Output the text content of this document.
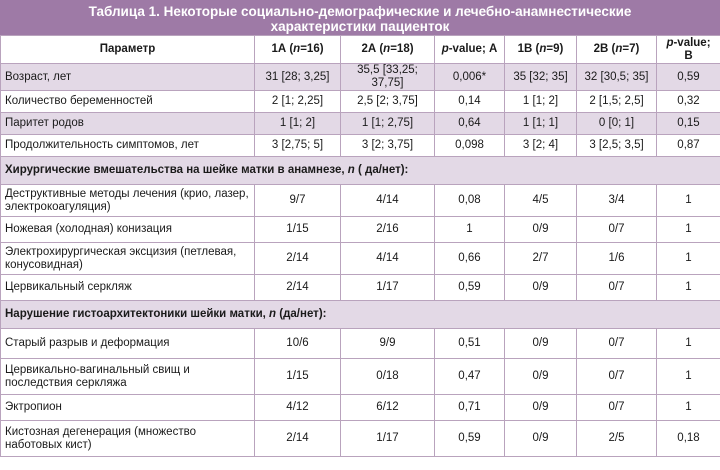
Таблица 1. Некоторые социально-демографические и лечебно-анамнестические
характеристики пациенток
Параметр	1А (n=16)	2А (n=18)	p-value; А	1В (n=9)	2В (n=7)	p-value; В
Возраст, лет	31 [28; 3,25]	35,5 [33,25; 37,75]	0,006*	35 [32; 35]	32 [30,5; 35]	0,59
Количество беременностей	2 [1; 2,25]	2,5 [2; 3,75]	0,14	1 [1; 2]	2 [1,5; 2,5]	0,32
Паритет родов	1 [1; 2]	1 [1; 2,75]	0,64	1 [1; 1]	0 [0; 1]	0,15
Продолжительность симптомов, лет	3 [2,75; 5]	3 [2; 3,75]	0,098	3 [2; 4]	3 [2,5; 3,5]	0,87
Хирургические вмешательства на шейке матки в анамнезе, n ( да/нет):						
Деструктивные методы лечения (крио, лазер, электрокоагуляция)	9/7	4/14	0,08	4/5	3/4	1
Ножевая (холодная) конизация	1/15	2/16	1	0/9	0/7	1
Электрохирургическая эксцизия (петлевая, конусовидная)	2/14	4/14	0,66	2/7	1/6	1
Цервикальный серкляж	2/14	1/17	0,59	0/9	0/7	1
Нарушение гистоархитектоники шейки матки, n (да/нет):						
Старый разрыв и деформация	10/6	9/9	0,51	0/9	0/7	1
Цервикально-вагинальный свищ и последствия серкляжа	1/15	0/18	0,47	0/9	0/7	1
Эктропион	4/12	6/12	0,71	0/9	0/7	1
Кистозная дегенерация (множество наботовых кист)	2/14	1/17	0,59	0/9	2/5	0,18
